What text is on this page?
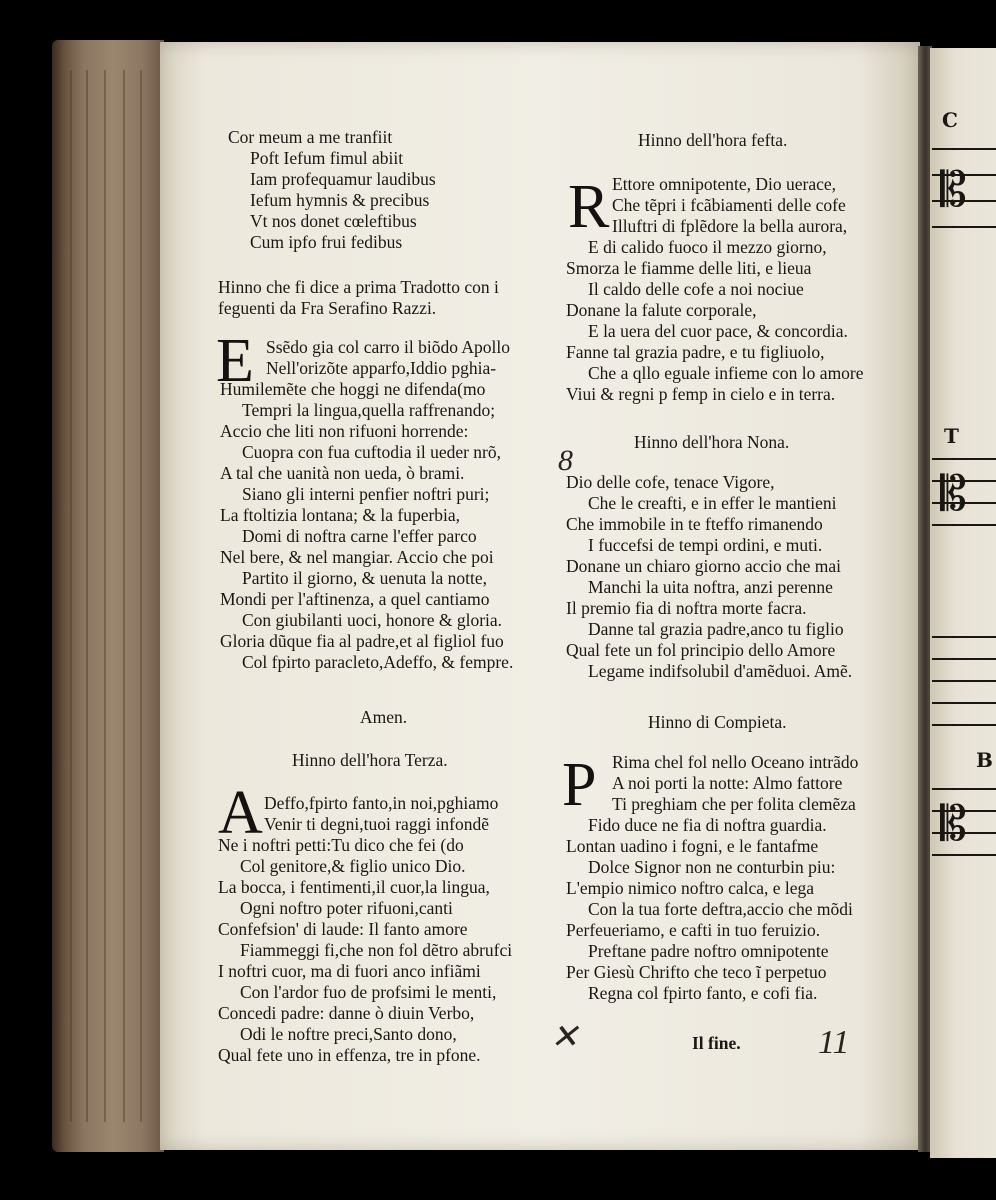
Cor meum a me tranfiit
Poft Iefum fimul abiit
Iam profequamur laudibus
Iefum hymnis & precibus
Vt nos donet cœleftibus
Cum ipfo frui fedibus
Hinno che fi dice a prima Tradotto con i
feguenti da Fra Serafino Razzi.
E Ssẽdo gia col carro il biõdo Apollo
Nell'orizõte apparfo,Iddio pghia-
Humilemẽte che hoggi ne difenda(mo
Tempri la lingua,quella raffrenando;
Accio che liti non rifuoni horrende:
Cuopra con fua cuftodia il ueder nrõ,
A tal che uanità non ueda, ò brami.
Siano gli interni penfier noftri puri;
La ftoltizia lontana; & la fuperbia,
Domi di noftra carne l'effer parco
Nel bere, & nel mangiar. Accio che poi
Partito il giorno, & uenuta la notte,
Mondi per l'aftinenza, a quel cantiamo
Con giubilanti uoci, honore & gloria.
Gloria dũque fia al padre,et al figliol fuo
Col fpirto paracleto,Adeffo, & fempre.
Amen.
Hinno dell'hora Terza.
A Deffo,fpirto fanto,in noi,pghiamo
Venir ti degni,tuoi raggi infondẽ
Ne i noftri petti:Tu dico che fei (do
Col genitore,& figlio unico Dio.
La bocca, i fentimenti,il cuor,la lingua,
Ogni noftro poter rifuoni,canti
Confefsion' di laude: Il fanto amore
Fiammeggi fi,che non fol dẽtro abrufci
I noftri cuor, ma di fuori anco infiãmi
Con l'ardor fuo de profsimi le menti,
Concedi padre: danne ò diuin Verbo,
Odi le noftre preci,Santo dono,
Qual fete uno in effenza, tre in pfone.
Hinno dell'hora fefta.
R Ettore omnipotente, Dio uerace,
Che tẽpri i fcãbiamenti delle cofe
Illuftri di fplẽdore la bella aurora,
E di calido fuoco il mezzo giorno,
Smorza le fiamme delle liti, e lieua
Il caldo delle cofe a noi nociue
Donane la falute corporale,
E la uera del cuor pace, & concordia.
Fanne tal grazia padre, e tu figliuolo,
Che a qllo eguale infieme con lo amore
Viui & regni p femp in cielo e in terra.
Hinno dell'hora Nona.
Dio delle cofe, tenace Vigore,
Che le creafti, e in effer le mantieni
Che immobile in te fteffo rimanendo
I fuccefsi de tempi ordini, e muti.
Donane un chiaro giorno accio che mai
Manchi la uita noftra, anzi perenne
Il premio fia di noftra morte facra.
Danne tal grazia padre,anco tu figlio
Qual fete un fol principio dello Amore
Legame indifsolubil d'amẽduoi. Amẽ.
Hinno di Compieta.
P Rima chel fol nello Oceano intrãdo
A noi porti la notte: Almo fattore
Ti preghiam che per folita clemẽza
Fido duce ne fia di noftra guardia.
Lontan uadino i fogni, e le fantafme
Dolce Signor non ne conturbin piu:
L'empio nimico noftro calca, e lega
Con la tua forte deftra,accio che mõdi
Perfeueriamo, e cafti in tuo feruizio.
Preftane padre noftro omnipotente
Per Giesù Chrifto che teco ĩ perpetuo
Regna col fpirto fanto, e cofi fia.
Il fine.
8
11
✕
C
𝄡
T
𝄡
B
𝄡
